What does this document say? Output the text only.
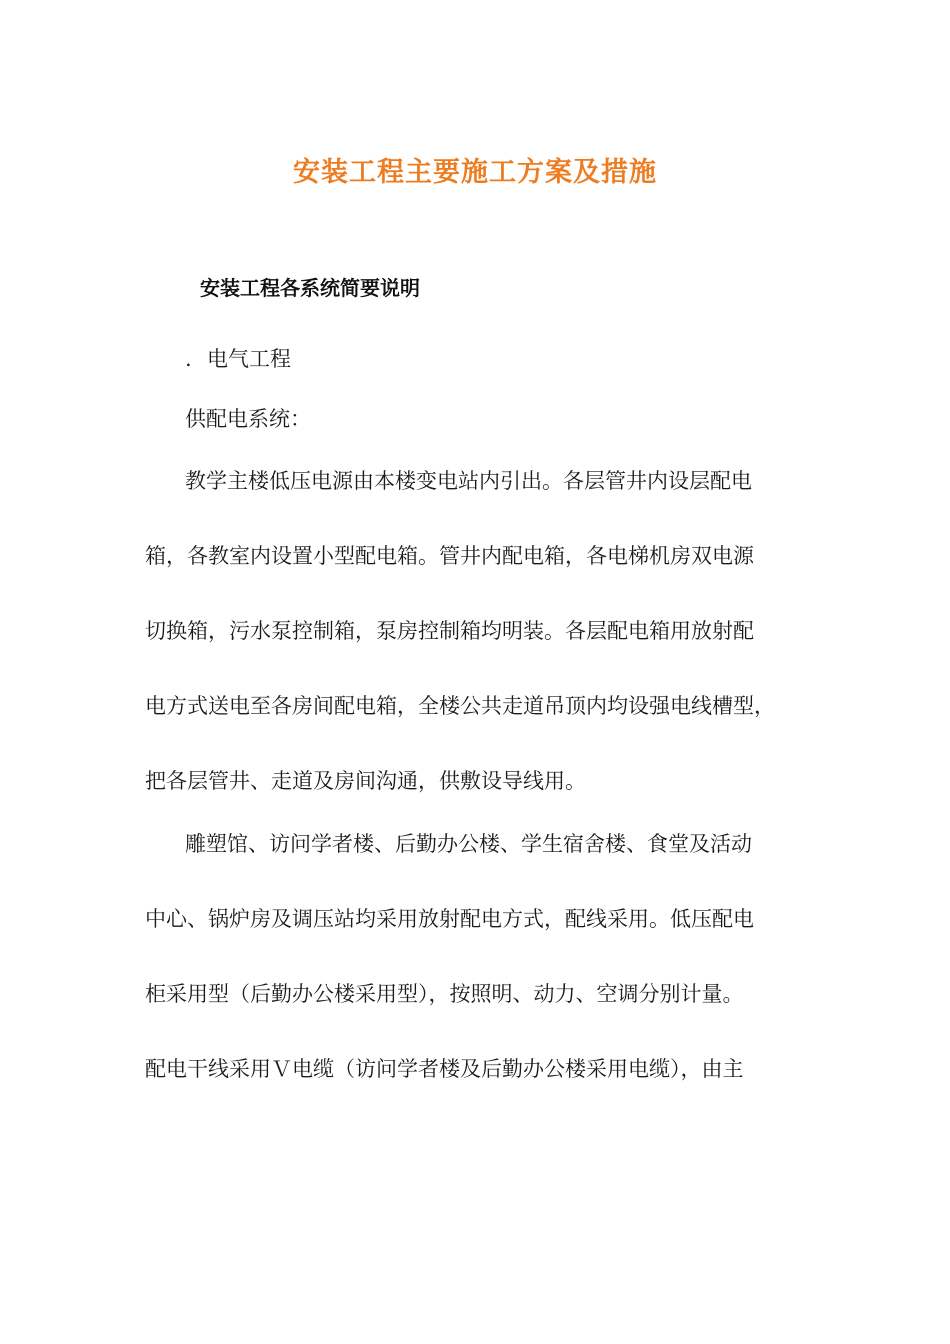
安装工程主要施工方案及措施
安装工程各系统简要说明
. 电气工程
供配电系统：
教学主楼低压电源由本楼变电站内引出。各层管井内设层配电
箱，各教室内设置小型配电箱。管井内配电箱，各电梯机房双电源
切换箱，污水泵控制箱，泵房控制箱均明装。各层配电箱用放射配
电方式送电至各房间配电箱，全楼公共走道吊顶内均设强电线槽型，
把各层管井、走道及房间沟通，供敷设导线用。
雕塑馆、访问学者楼、后勤办公楼、学生宿舍楼、食堂及活动
中心、锅炉房及调压站均采用放射配电方式，配线采用。低压配电
柜采用型（后勤办公楼采用型），按照明、动力、空调分别计量。
配电干线采用Ｖ电缆（访问学者楼及后勤办公楼采用电缆），由主
